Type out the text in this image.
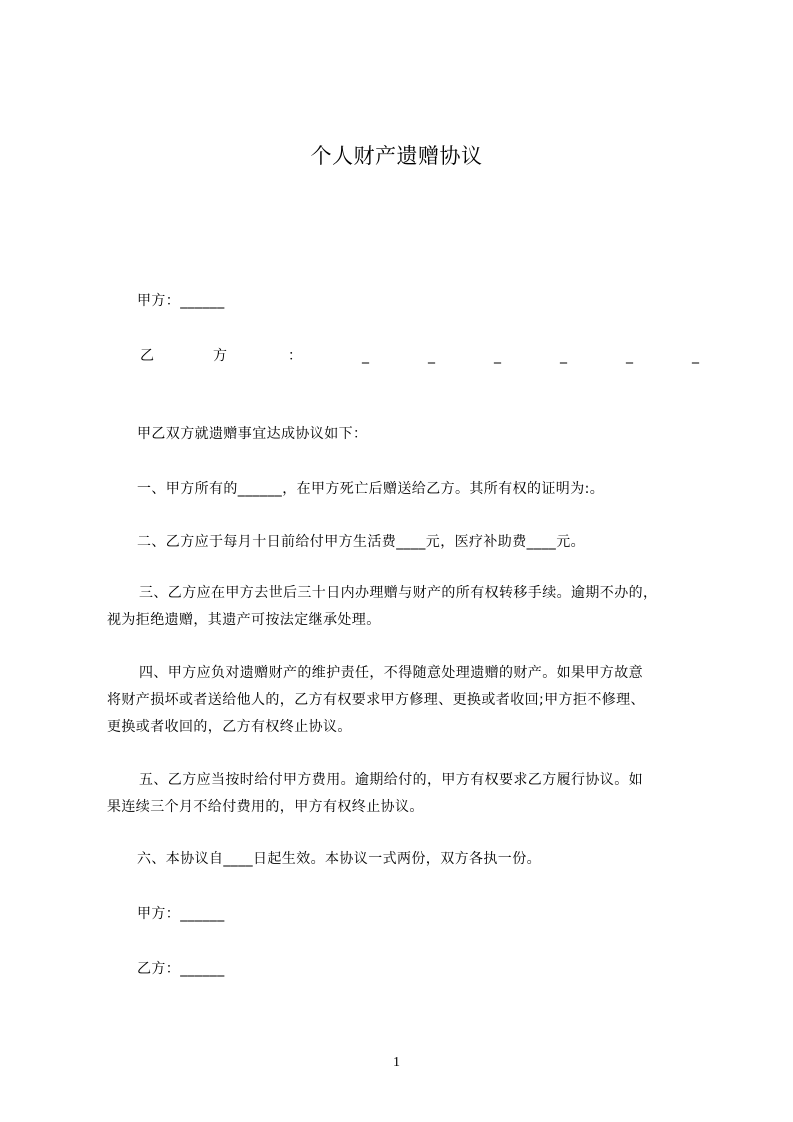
个人财产遗赠协议
甲方：______
乙	方	：	_	_	_	_	_	_
甲乙双方就遗赠事宜达成协议如下：
一、甲方所有的______，在甲方死亡后赠送给乙方。其所有权的证明为:。
二、乙方应于每月十日前给付甲方生活费____元，医疗补助费____元。
三、乙方应在甲方去世后三十日内办理赠与财产的所有权转移手续。逾期不办的，
视为拒绝遗赠，其遗产可按法定继承处理。
四、甲方应负对遗赠财产的维护责任，不得随意处理遗赠的财产。如果甲方故意
将财产损坏或者送给他人的，乙方有权要求甲方修理、更换或者收回;甲方拒不修理、
更换或者收回的，乙方有权终止协议。
五、乙方应当按时给付甲方费用。逾期给付的，甲方有权要求乙方履行协议。如
果连续三个月不给付费用的，甲方有权终止协议。
六、本协议自____日起生效。本协议一式两份，双方各执一份。
甲方：______
乙方：______
1
